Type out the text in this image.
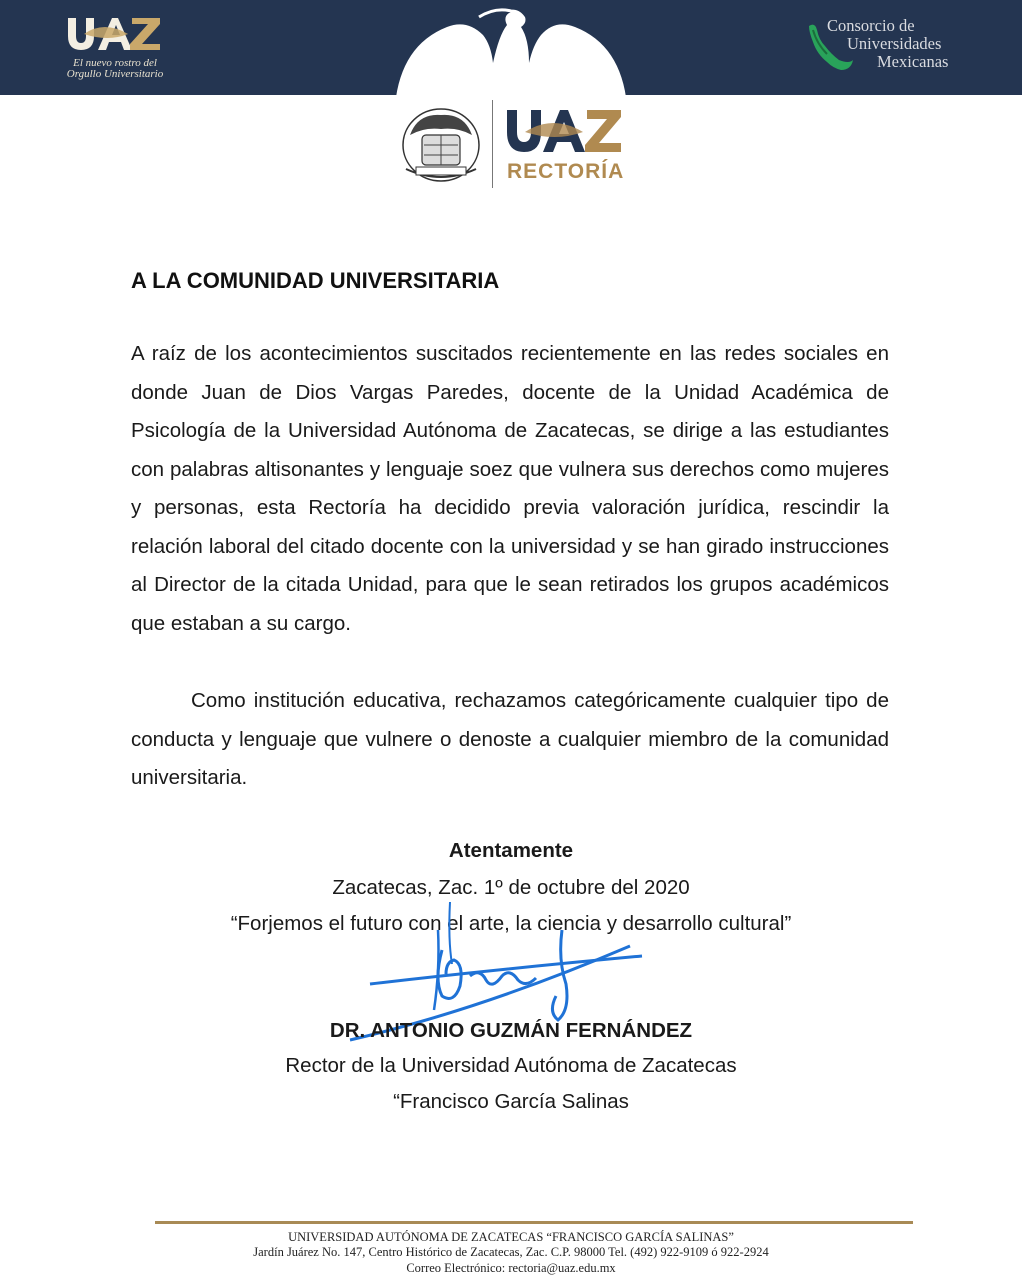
El nuevo rostro del
Orgullo Universitario
Consorcio de
Universidades
Mexicanas
RECTORÍA
A LA COMUNIDAD UNIVERSITARIA
A raíz de los acontecimientos suscitados recientemente en las redes sociales en donde Juan de Dios Vargas Paredes, docente de la Unidad Académica de Psicología de la Universidad Autónoma de Zacatecas, se dirige a las estudiantes con palabras altisonantes y lenguaje soez que vulnera sus derechos como mujeres y personas, esta Rectoría ha decidido previa valoración jurídica, rescindir la relación laboral del citado docente con la universidad y se han girado instrucciones al Director de la citada Unidad, para que le sean retirados los grupos académicos que estaban a su cargo.
Como institución educativa, rechazamos categóricamente cualquier tipo de conducta y lenguaje que vulnere o denoste a cualquier miembro de la comunidad universitaria.
Atentamente
Zacatecas, Zac. 1º de octubre del 2020
“Forjemos el futuro con el arte, la ciencia y desarrollo cultural”
DR. ANTONIO GUZMÁN FERNÁNDEZ
Rector de la Universidad Autónoma de Zacatecas
“Francisco García Salinas
UNIVERSIDAD AUTÓNOMA DE ZACATECAS “FRANCISCO GARCÍA SALINAS”
Jardín Juárez No. 147, Centro Histórico de Zacatecas, Zac. C.P. 98000 Tel. (492) 922-9109 ó 922-2924
Correo Electrónico: rectoria@uaz.edu.mx
